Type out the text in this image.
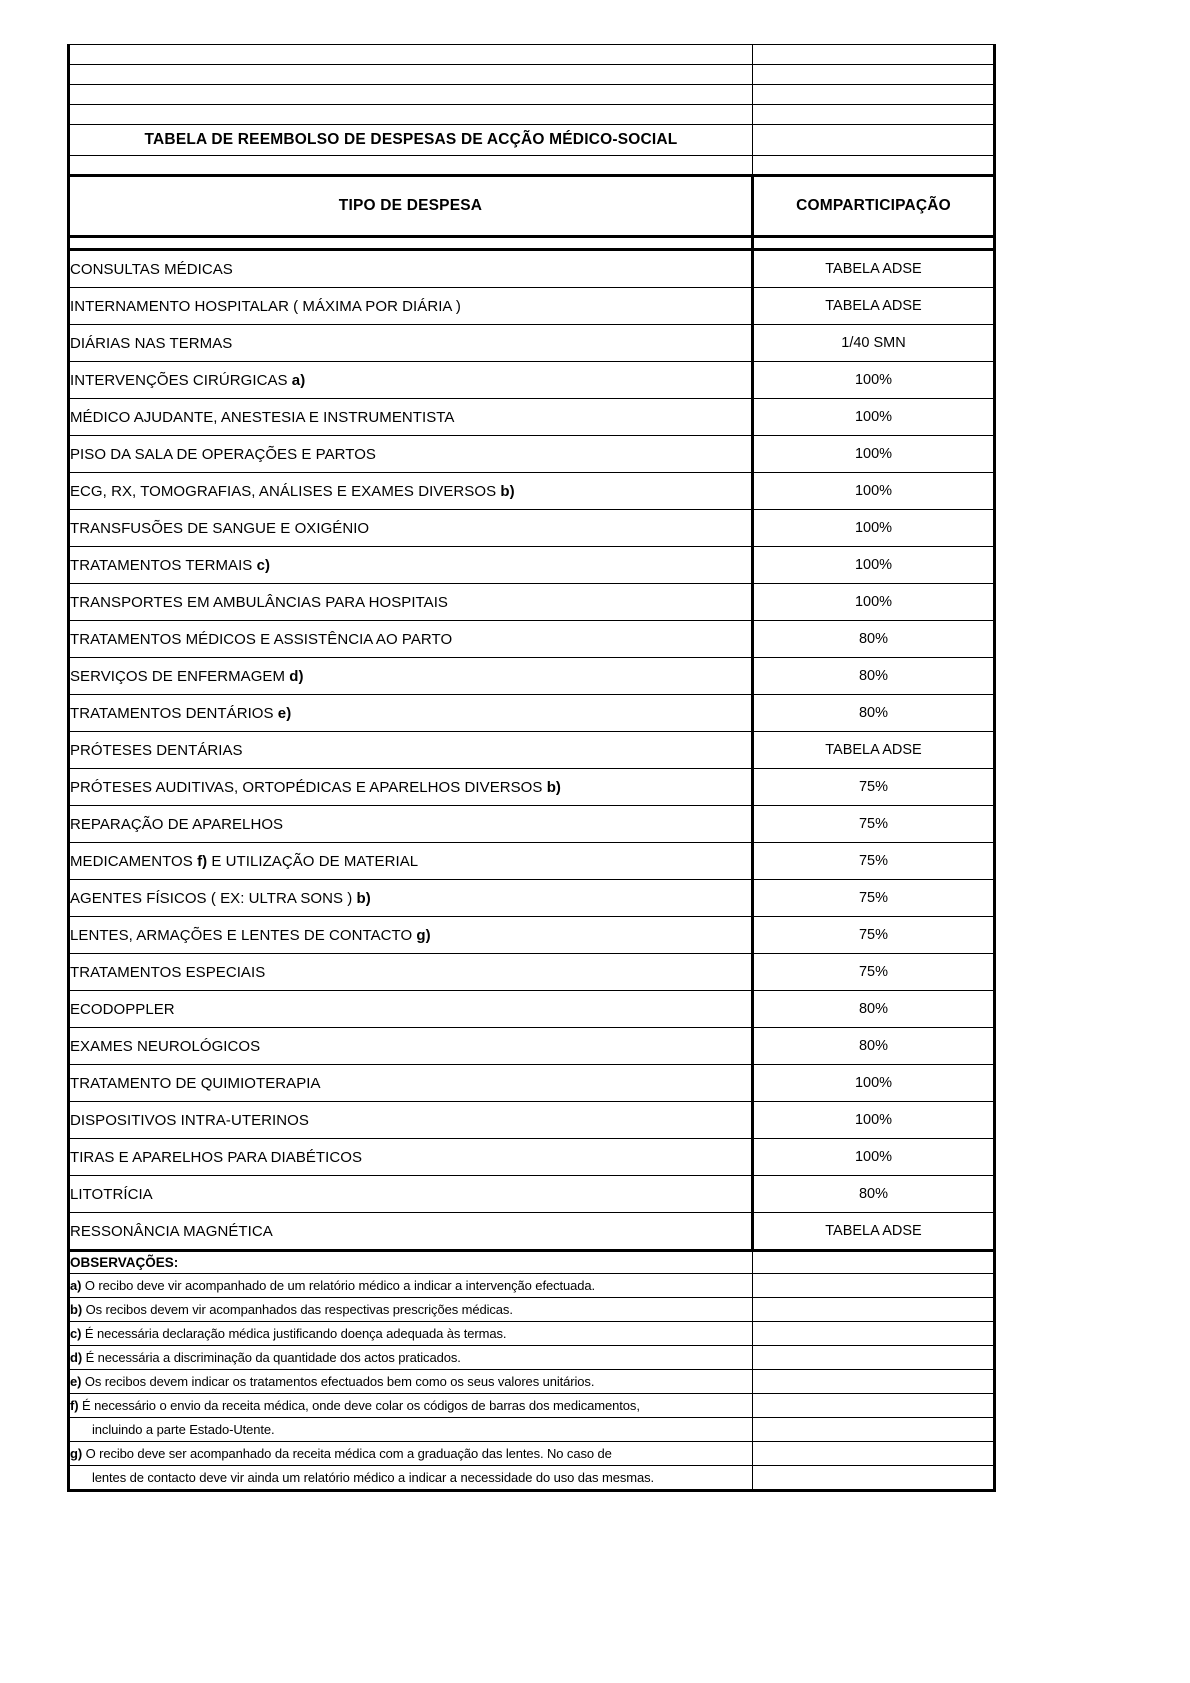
TABELA DE REEMBOLSO DE DESPESAS DE ACÇÃO MÉDICO-SOCIAL	

TIPO DE DESPESA	COMPARTICIPAÇÃO

CONSULTAS MÉDICAS	TABELA ADSE
INTERNAMENTO HOSPITALAR ( MÁXIMA POR DIÁRIA )	TABELA ADSE
DIÁRIAS NAS TERMAS	1/40 SMN
INTERVENÇÕES CIRÚRGICAS a)	100%
MÉDICO AJUDANTE, ANESTESIA E INSTRUMENTISTA	100%
PISO DA SALA DE OPERAÇÕES E PARTOS	100%
ECG, RX, TOMOGRAFIAS, ANÁLISES E EXAMES DIVERSOS b)	100%
TRANSFUSÕES DE SANGUE E OXIGÉNIO	100%
TRATAMENTOS TERMAIS c)	100%
TRANSPORTES EM AMBULÂNCIAS PARA HOSPITAIS	100%
TRATAMENTOS MÉDICOS E ASSISTÊNCIA AO PARTO	80%
SERVIÇOS DE ENFERMAGEM d)	80%
TRATAMENTOS DENTÁRIOS e)	80%
PRÓTESES DENTÁRIAS	TABELA ADSE
PRÓTESES AUDITIVAS, ORTOPÉDICAS E APARELHOS DIVERSOS b)	75%
REPARAÇÃO DE APARELHOS	75%
MEDICAMENTOS f) E UTILIZAÇÃO DE MATERIAL	75%
AGENTES FÍSICOS ( EX: ULTRA SONS ) b)	75%
LENTES, ARMAÇÕES E LENTES DE CONTACTO g)	75%
TRATAMENTOS ESPECIAIS	75%
ECODOPPLER	80%
EXAMES NEUROLÓGICOS	80%
TRATAMENTO DE QUIMIOTERAPIA	100%
DISPOSITIVOS INTRA-UTERINOS	100%
TIRAS E APARELHOS PARA DIABÉTICOS	100%
LITOTRÍCIA	80%
RESSONÂNCIA MAGNÉTICA	TABELA ADSE
OBSERVAÇÕES:	
a) O recibo deve vir acompanhado de um relatório médico a indicar a intervenção efectuada.	
b) Os recibos devem vir acompanhados das respectivas prescrições médicas.	
c) É necessária declaração médica justificando doença adequada às termas.	
d) É necessária a discriminação da quantidade dos actos praticados.	
e) Os recibos devem indicar os tratamentos efectuados bem como os seus valores unitários.	
f) É necessário o envio da receita médica, onde deve colar os códigos de barras dos medicamentos,	
incluindo a parte Estado-Utente.	
g) O recibo deve ser acompanhado da receita médica com a graduação das lentes. No caso de	
lentes de contacto deve vir ainda um relatório médico a indicar a necessidade do uso das mesmas.	
